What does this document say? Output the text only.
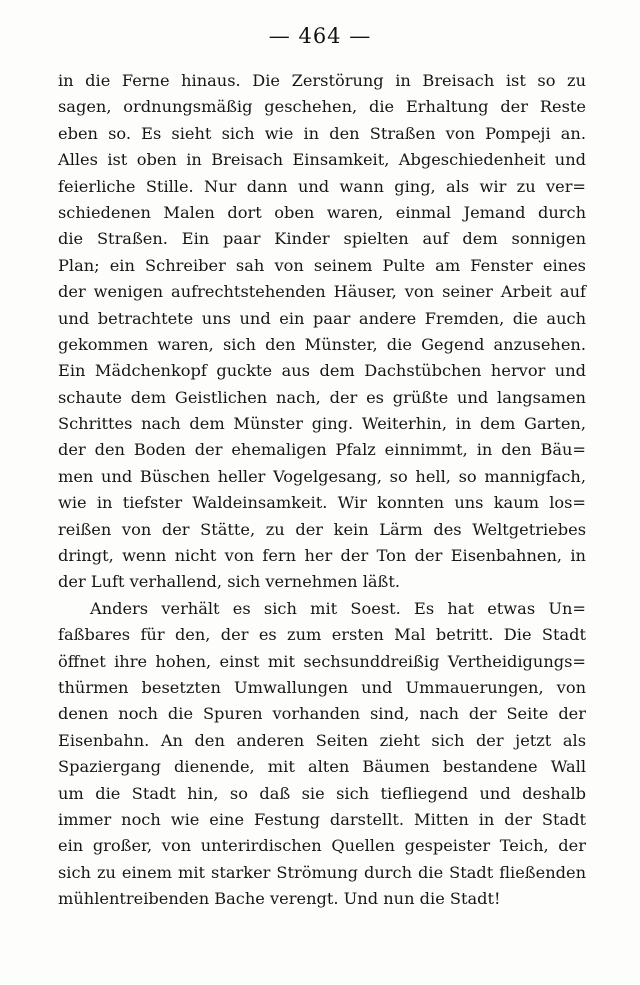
— 464 —
in die Ferne hinaus. Die Zerstörung in Breisach ist so zu
sagen, ordnungsmäßig geschehen, die Erhaltung der Reste
eben so. Es sieht sich wie in den Straßen von Pompeji an.
Alles ist oben in Breisach Einsamkeit, Abgeschiedenheit und
feierliche Stille. Nur dann und wann ging, als wir zu ver=
schiedenen Malen dort oben waren, einmal Jemand durch
die Straßen. Ein paar Kinder spielten auf dem sonnigen
Plan; ein Schreiber sah von seinem Pulte am Fenster eines
der wenigen aufrechtstehenden Häuser, von seiner Arbeit auf
und betrachtete uns und ein paar andere Fremden, die auch
gekommen waren, sich den Münster, die Gegend anzusehen.
Ein Mädchenkopf guckte aus dem Dachstübchen hervor und
schaute dem Geistlichen nach, der es grüßte und langsamen
Schrittes nach dem Münster ging. Weiterhin, in dem Garten,
der den Boden der ehemaligen Pfalz einnimmt, in den Bäu=
men und Büschen heller Vogelgesang, so hell, so mannigfach,
wie in tiefster Waldeinsamkeit. Wir konnten uns kaum los=
reißen von der Stätte, zu der kein Lärm des Weltgetriebes
dringt, wenn nicht von fern her der Ton der Eisenbahnen, in
der Luft verhallend, sich vernehmen läßt.
Anders verhält es sich mit Soest. Es hat etwas Un=
faßbares für den, der es zum ersten Mal betritt. Die Stadt
öffnet ihre hohen, einst mit sechsunddreißig Vertheidigungs=
thürmen besetzten Umwallungen und Ummauerungen, von
denen noch die Spuren vorhanden sind, nach der Seite der
Eisenbahn. An den anderen Seiten zieht sich der jetzt als
Spaziergang dienende, mit alten Bäumen bestandene Wall
um die Stadt hin, so daß sie sich tiefliegend und deshalb
immer noch wie eine Festung darstellt. Mitten in der Stadt
ein großer, von unterirdischen Quellen gespeister Teich, der
sich zu einem mit starker Strömung durch die Stadt fließenden
mühlentreibenden Bache verengt. Und nun die Stadt!
